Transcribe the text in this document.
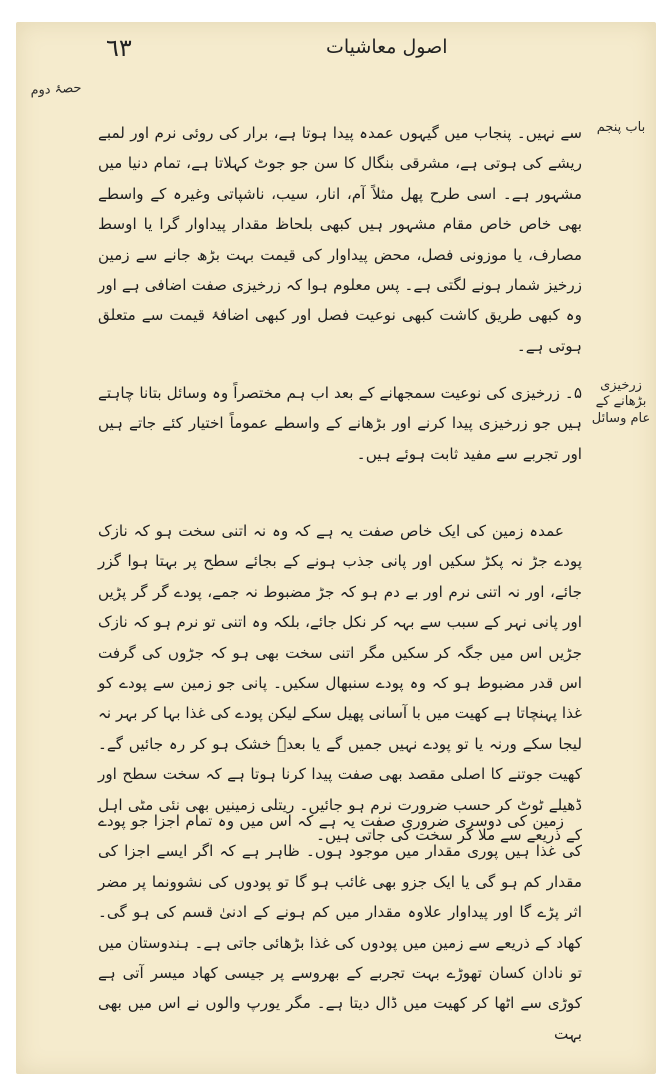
٦٣	اصول معاشیات
حصۂ دوم
باب پنجم
زرخیزی بڑھانے کے عام وسائل

سے نہیں۔ پنجاب میں گیہوں عمدہ پیدا ہوتا ہے، برار کی روئی نرم اور لمبے ریشے کی ہوتی ہے، مشرقی بنگال کا سن جو جوٹ کہلاتا ہے، تمام دنیا میں مشہور ہے۔ اسی طرح پھل مثلاً آم، انار، سیب، ناشپاتی وغیرہ کے واسطے بھی خاص خاص مقام مشہور ہیں کبھی بلحاظ مقدار پیداوار گرا یا اوسط مصارف، یا موزونی فصل، محض پیداوار کی قیمت بہت بڑھ جانے سے زمین زرخیز شمار ہونے لگتی ہے۔ پس معلوم ہوا کہ زرخیزی صفت اضافی ہے اور وہ کبھی طریق کاشت کبھی نوعیت فصل اور کبھی اضافۂ قیمت سے متعلق ہوتی ہے۔

۵۔ زرخیزی کی نوعیت سمجھانے کے بعد اب ہم مختصراً وہ وسائل بتانا چاہتے ہیں جو زرخیزی پیدا کرنے اور بڑھانے کے واسطے عموماً اختیار کئے جاتے ہیں اور تجربے سے مفید ثابت ہوئے ہیں۔

عمدہ زمین کی ایک خاص صفت یہ ہے کہ وہ نہ اتنی سخت ہو کہ نازک پودے جڑ نہ پکڑ سکیں اور پانی جذب ہونے کے بجائے سطح پر بہتا ہوا گزر جائے، اور نہ اتنی نرم اور بے دم ہو کہ جڑ مضبوط نہ جمے، پودے گر گر پڑیں اور پانی نہر کے سبب سے بہہ کر نکل جائے، بلکہ وہ اتنی تو نرم ہو کہ نازک جڑیں اس میں جگہ کر سکیں مگر اتنی سخت بھی ہو کہ جڑوں کی گرفت اس قدر مضبوط ہو کہ وہ پودے سنبھال سکیں۔ پانی جو زمین سے پودے کو غذا پہنچاتا ہے کھیت میں با آسانی پھیل سکے لیکن پودے کی غذا بہا کر بہر نہ لیجا سکے ورنہ یا تو پودے نہیں جمیں گے یا بعدہٗ خشک ہو کر رہ جائیں گے۔ کھیت جوتنے کا اصلی مقصد بھی صفت پیدا کرنا ہوتا ہے کہ سخت سطح اور ڈھیلے ٹوٹ کر حسب ضرورت نرم ہو جائیں۔ ریتلی زمینیں بھی نئی مٹی اہل کے ذریعے سے ملا کر سخت کی جاتی ہیں۔

زمین کی دوسری ضروری صفت یہ ہے کہ اس میں وہ تمام اجزا جو پودے کی غذا ہیں پوری مقدار میں موجود ہوں۔ ظاہر ہے کہ اگر ایسے اجزا کی مقدار کم ہو گی یا ایک جزو بھی غائب ہو گا تو پودوں کی نشوونما پر مضر اثر پڑے گا اور پیداوار علاوہ مقدار میں کم ہونے کے ادنیٰ قسم کی ہو گی۔ کھاد کے ذریعے سے زمین میں پودوں کی غذا بڑھائی جاتی ہے۔ ہندوستان میں تو نادان کسان تھوڑے بہت تجربے کے بھروسے پر جیسی کھاد میسر آتی ہے کوڑی سے اٹھا کر کھیت میں ڈال دیتا ہے۔ مگر یورپ والوں نے اس میں بھی بہت
